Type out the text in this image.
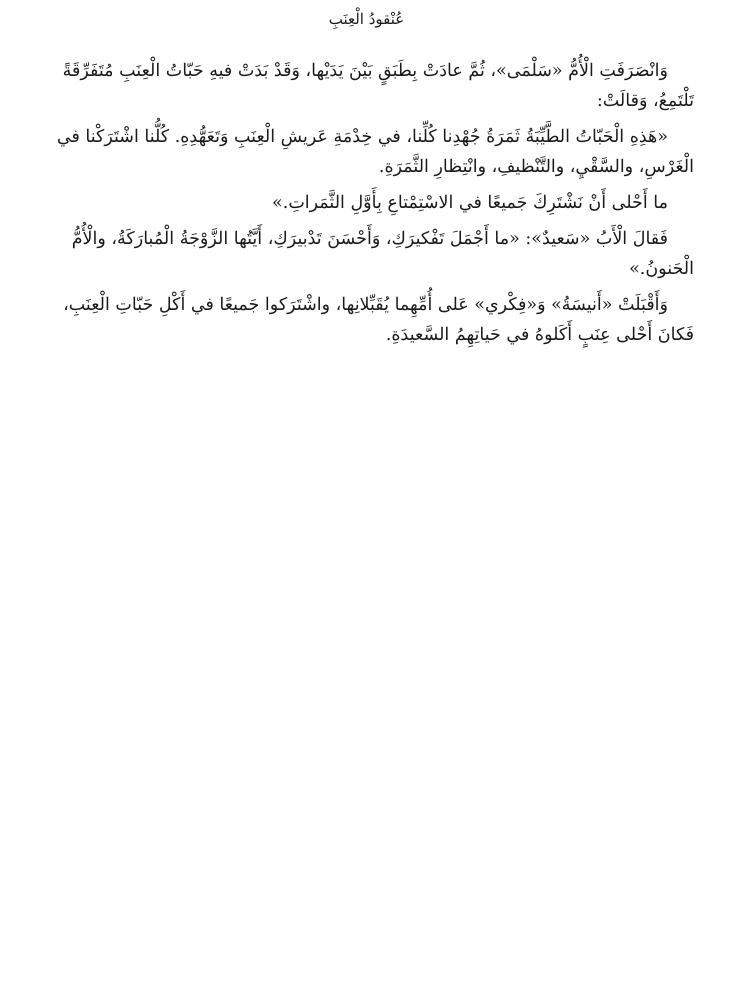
عُنْقودُ الْعِنَبِ

وَانْصَرَفَتِ الْأُمُّ «سَلْمَى»، ثُمَّ عادَتْ بِطَبَقٍ بَيْنَ يَدَيْها، وَقَدْ بَدَتْ فيهِ حَبّاتُ الْعِنَبِ مُتَفَرِّقَةً تَلْتَمِعُ، وَقالَتْ:

«هَذِهِ الْحَبّاتُ الطَّيِّبَةُ ثَمَرَةُ جُهْدِنا كُلِّنا، في خِدْمَةِ عَريشِ الْعِنَبِ وَتَعَهُّدِهِ. كُلُّنا اشْتَرَكْنا في الْغَرْسِ، والسَّقْيِ، والتَّنْظيفِ، وانْتِظارِ الثَّمَرَةِ.

ما أَحْلى أَنْ نَشْتَرِكَ جَميعًا في الاسْتِمْتاعِ بِأَوَّلِ الثَّمَراتِ.»

فَقالَ الْأَبُ «سَعيدٌ»: «ما أَجْمَلَ تَفْكيرَكِ، وَأَحْسَنَ تَدْبيرَكِ، أَيَّتُها الزَّوْجَةُ الْمُبارَكَةُ، والْأُمُّ الْحَنونُ.»

وَأَقْبَلَتْ «أَنيسَةُ» وَ«فِكْري» عَلى أُمِّهِما يُقَبِّلانِها، واشْتَرَكوا جَميعًا في أَكْلِ حَبّاتِ الْعِنَبِ، فَكانَ أَحْلى عِنَبٍ أَكَلوهُ في حَياتِهِمُ السَّعيدَةِ.
